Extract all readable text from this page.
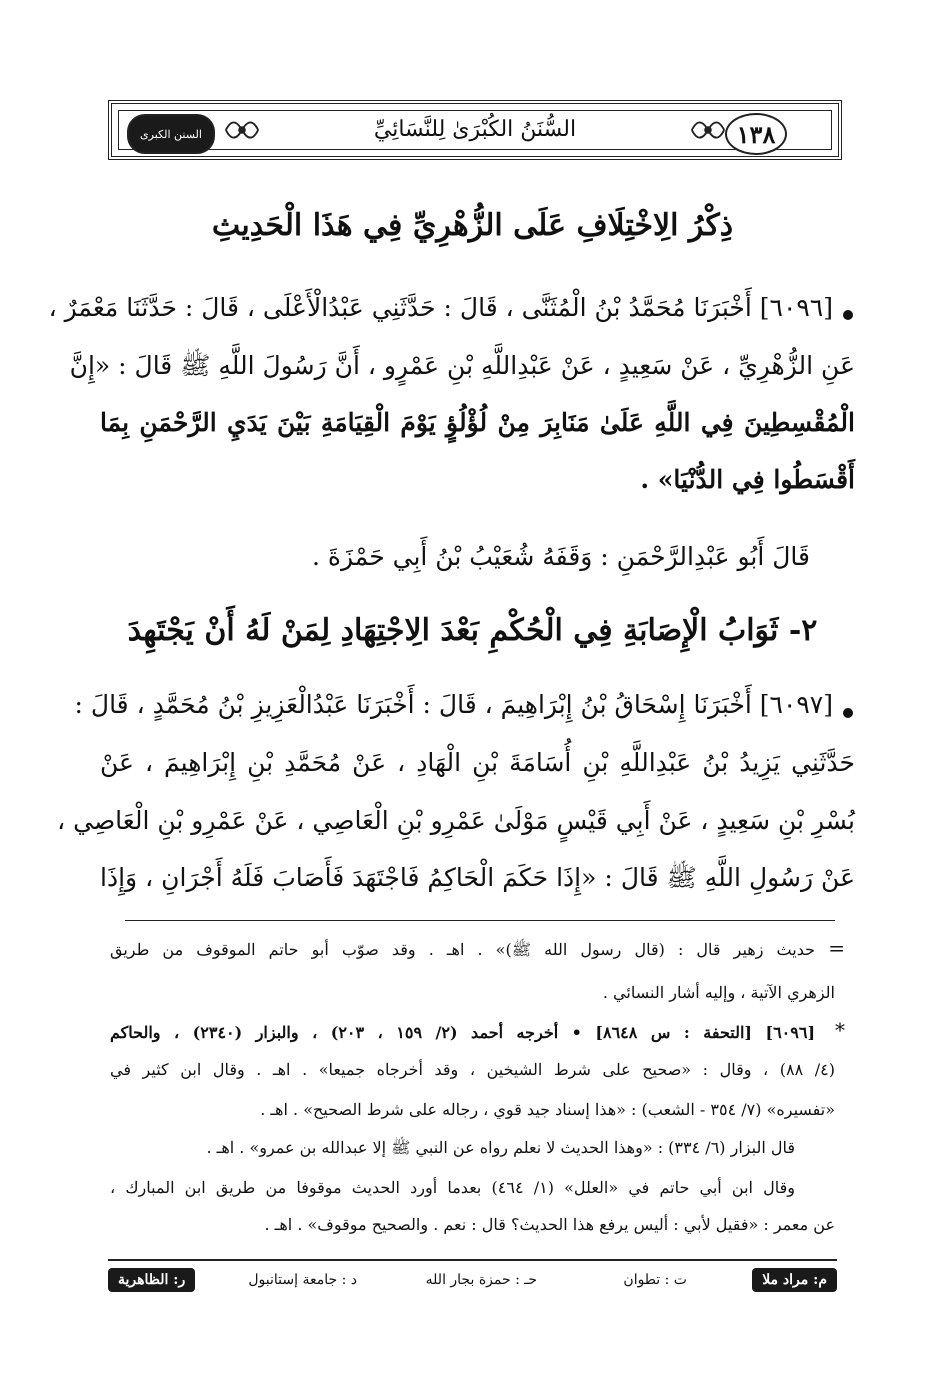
السنن الكبرى	السُّنَنُ الكُبْرَىٰ لِلنَّسَائِيِّ	١٣٨
ذِكْرُ الِاخْتِلَافِ عَلَى الزُّهْرِيِّ فِي هَذَا الْحَدِيثِ
[٦٠٩٦] أَخْبَرَنَا مُحَمَّدُ بْنُ الْمُثَنَّى ، قَالَ : حَدَّثَنِي عَبْدُالْأَعْلَى ، قَالَ : حَدَّثَنَا مَعْمَرٌ ،
عَنِ الزُّهْرِيِّ ، عَنْ سَعِيدٍ ، عَنْ عَبْدِاللَّهِ بْنِ عَمْرٍو ، أَنَّ رَسُولَ اللَّهِ ﷺ قَالَ : «إِنَّ
الْمُقْسِطِينَ فِي اللَّهِ عَلَىٰ مَنَابِرَ مِنْ لُؤْلُؤٍ يَوْمَ الْقِيَامَةِ بَيْنَ يَدَيِ الرَّحْمَنِ بِمَا
أَقْسَطُوا فِي الدُّنْيَا» .
قَالَ أَبُو عَبْدِالرَّحْمَنِ : وَقَفَهُ شُعَيْبُ بْنُ أَبِي حَمْزَةَ .
٢- ثَوَابُ الْإِصَابَةِ فِي الْحُكْمِ بَعْدَ الِاجْتِهَادِ لِمَنْ لَهُ أَنْ يَجْتَهِدَ
[٦٠٩٧] أَخْبَرَنَا إِسْحَاقُ بْنُ إِبْرَاهِيمَ ، قَالَ : أَخْبَرَنَا عَبْدُالْعَزِيزِ بْنُ مُحَمَّدٍ ، قَالَ :
حَدَّثَنِي يَزِيدُ بْنُ عَبْدِاللَّهِ بْنِ أُسَامَةَ بْنِ الْهَادِ ، عَنْ مُحَمَّدِ بْنِ إِبْرَاهِيمَ ، عَنْ
بُسْرِ بْنِ سَعِيدٍ ، عَنْ أَبِي قَيْسٍ مَوْلَىٰ عَمْرِو بْنِ الْعَاصِي ، عَنْ عَمْرِو بْنِ الْعَاصِي ،
عَنْ رَسُولِ اللَّهِ ﷺ قَالَ : «إِذَا حَكَمَ الْحَاكِمُ فَاجْتَهَدَ فَأَصَابَ فَلَهُ أَجْرَانِ ، وَإِذَا
=
حديث زهير قال : (قال رسول الله ﷺ)» . اهـ . وقد صوّب أبو حاتم الموقوف من طريق
الزهري الآتية ، وإليه أشار النسائي .
*
[٦٠٩٦] [التحفة : س ٨٦٤٨] • أخرجه أحمد (٢/ ١٥٩ ، ٢٠٣) ، والبزار (٢٣٤٠) ، والحاكم
(٤/ ٨٨) ، وقال : «صحيح على شرط الشيخين ، وقد أخرجاه جميعا» . اهـ . وقال ابن كثير في
«تفسيره» (٧/ ٣٥٤ - الشعب) : «هذا إسناد جيد قوي ، رجاله على شرط الصحيح» . اهـ .
قال البزار (٦/ ٣٣٤) : «وهذا الحديث لا نعلم رواه عن النبي ﷺ إلا عبدالله بن عمرو» . اهـ .
وقال ابن أبي حاتم في «العلل» (١/ ٤٦٤) بعدما أورد الحديث موقوفا من طريق ابن المبارك ،
عن معمر : «فقيل لأبي : أليس يرفع هذا الحديث؟ قال : نعم . والصحيح موقوف» . اهـ .
م: مراد ملا
ت : تطوان
حـ : حمزة بجار الله
د : جامعة إستانبول
ر: الظاهرية
